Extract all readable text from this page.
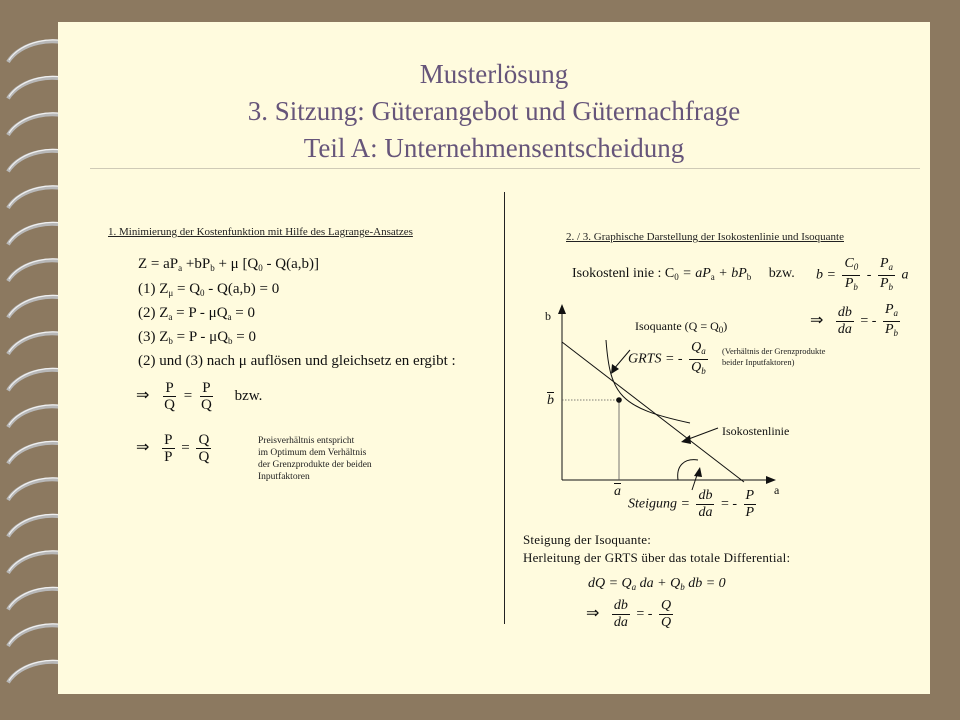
Musterlösung
3. Sitzung: Güterangebot und Güternachfrage
Teil A: Unternehmensentscheidung
1. Minimierung der Kostenfunktion mit Hilfe des Lagrange-Ansatzes
$Z = aP_a +bP_b + \mu$ $[Q_0 - Q(a,b)]$
(1) $Z_\mu = Q_0 - Q(a,b) = 0$
(2) $Z_a = P - \mu Q_a = 0$
(3) $Z_b = P - \mu Q_b = 0$
(2) und (3) nach μ auflösen und gleichsetz en ergibt :
⇒ $\frac{P}{Q} = \frac{P}{Q}$ bzw.
⇒ $\frac{P}{P} = \frac{Q}{Q}$	Preisverhältnis entspricht
im Optimum dem Verhältnis
der Grenzprodukte der beiden
Inputfaktoren
2. / 3. Graphische Darstellung der Isokostenlinie und Isoquante
Isokostenl inie : $C_0 = aP_a + bP_b$ bzw. $b = \frac{C_0}{P_b} - \frac{P_a}{P_b}$ a
⇒ $\frac{db}{da}$ = - $\frac{P_a}{P_b}$
b
a
$\overline{b}$
$\overline{a}$
Isoquante $(Q = Q_0)$
GRTS = - $\frac{Q_a}{Q_b}$ (Verhältnis der Grenzprodukte
beider Inputfaktoren)
Isokostenlinie
Steigung = $\frac{db}{da}$ = - $\frac{P}{P}$
Steigung der Isoquante:
Herleitung der GRTS über das totale Differential:
dQ = $Q_a$ da + $Q_b$ db = 0
⇒ $\frac{db}{da}$ = - $\frac{Q}{Q}$
